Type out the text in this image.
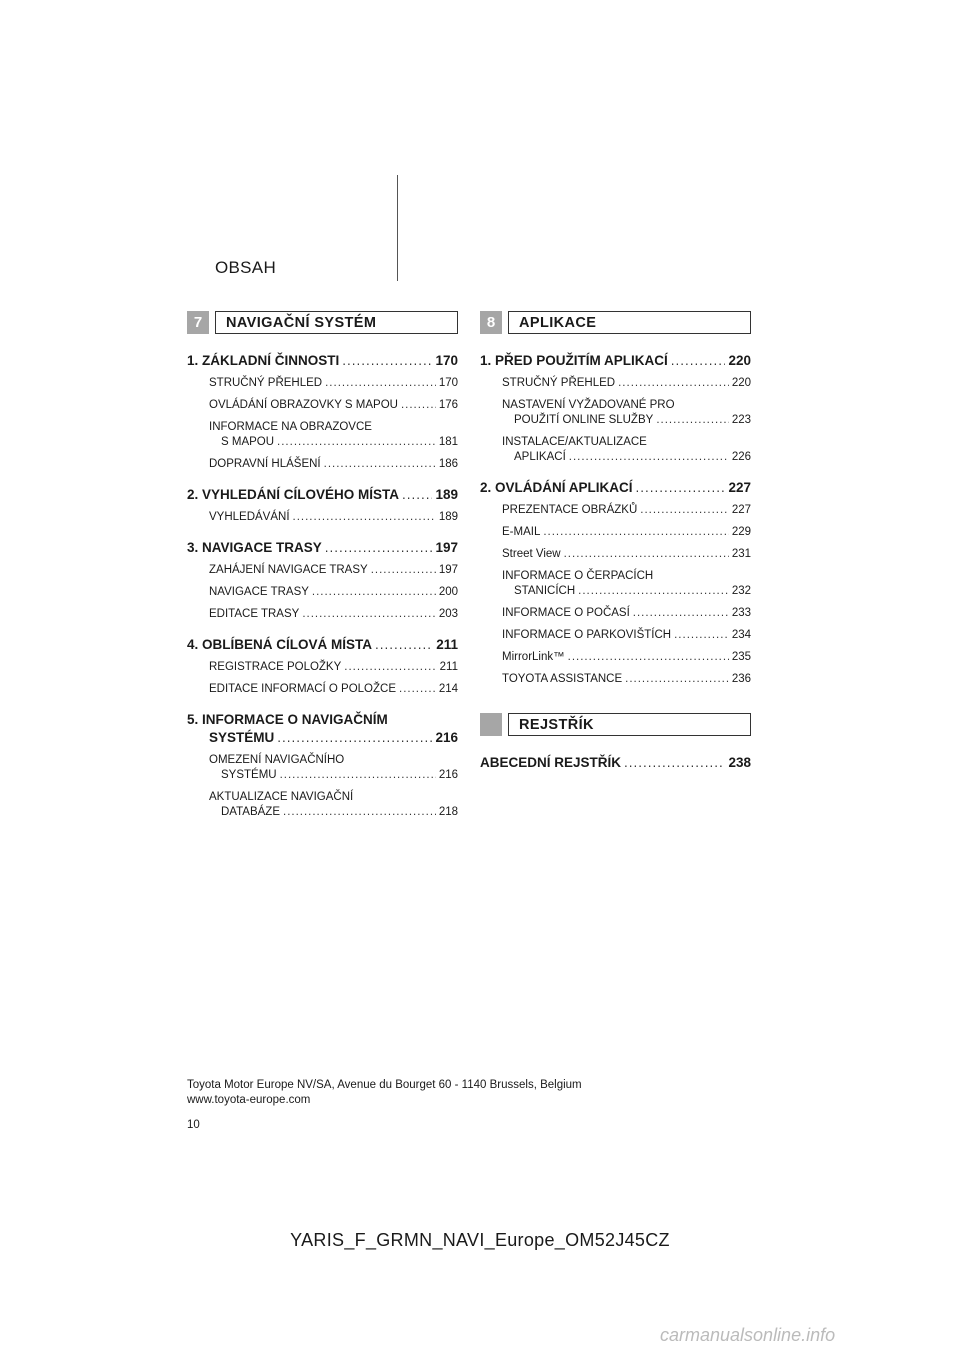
OBSAH
7	NAVIGAČNÍ SYSTÉM
1. ZÁKLADNÍ ČINNOSTI .....	170
STRUČNÝ PŘEHLED .....	170
OVLÁDÁNÍ OBRAZOVKY S MAPOU .....	176
INFORMACE NA OBRAZOVCE
S MAPOU .....	181
DOPRAVNÍ HLÁŠENÍ .....	186
2. VYHLEDÁNÍ CÍLOVÉHO MÍSTA .....	189
VYHLEDÁVÁNÍ .....	189
3. NAVIGACE TRASY .....	197
ZAHÁJENÍ NAVIGACE TRASY .....	197
NAVIGACE TRASY .....	200
EDITACE TRASY .....	203
4. OBLÍBENÁ CÍLOVÁ MÍSTA .....	211
REGISTRACE POLOŽKY .....	211
EDITACE INFORMACÍ O POLOŽCE .....	214
5. INFORMACE O NAVIGAČNÍM
SYSTÉMU .....	216
OMEZENÍ NAVIGAČNÍHO
SYSTÉMU .....	216
AKTUALIZACE NAVIGAČNÍ
DATABÁZE .....	218
8	APLIKACE
1. PŘED POUŽITÍM APLIKACÍ .....	220
STRUČNÝ PŘEHLED .....	220
NASTAVENÍ VYŽADOVANÉ PRO
POUŽITÍ ONLINE SLUŽBY .....	223
INSTALACE/AKTUALIZACE
APLIKACÍ .....	226
2. OVLÁDÁNÍ APLIKACÍ .....	227
PREZENTACE OBRÁZKŮ .....	227
E-MAIL .....	229
Street View .....	231
INFORMACE O ČERPACÍCH
STANICÍCH .....	232
INFORMACE O POČASÍ .....	233
INFORMACE O PARKOVIŠTÍCH .....	234
MirrorLink™ .....	235
TOYOTA ASSISTANCE .....	236
REJSTŘÍK
ABECEDNÍ REJSTŘÍK .....	238
Toyota Motor Europe NV/SA, Avenue du Bourget 60 - 1140 Brussels, Belgium
www.toyota-europe.com
10
YARIS_F_GRMN_NAVI_Europe_OM52J45CZ
carmanualsonline.info
